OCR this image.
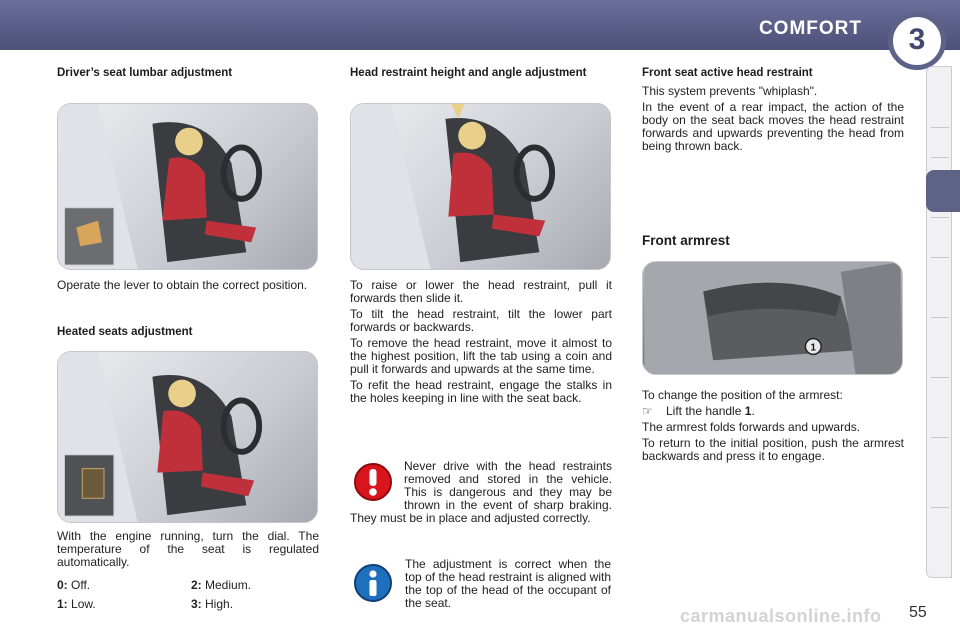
COMFORT	3
Driver’s seat lumbar adjustment

Operate the lever to obtain the correct position.

Heated seats adjustment

With the engine running, turn the dial. The temperature of the seat is regulated automatically.

0: Off.	2: Medium.
1: Low.	3: High.
Head restraint height and angle adjustment

To raise or lower the head restraint, pull it forwards then slide it.

To tilt the head restraint, tilt the lower part forwards or backwards.

To remove the head restraint, move it almost to the highest position, lift the tab using a coin and pull it forwards and upwards at the same time.

To refit the head restraint, engage the stalks in the holes keeping in line with the seat back.

Never drive with the head restraints removed and stored in the vehicle. This is dangerous and they may be thrown in the event of sharp braking. They must be in place and adjusted correctly.
The adjustment is correct when the top of the head restraint is aligned with the top of the head of the occupant of the seat.
Front seat active head restraint

This system prevents "whiplash".

In the event of a rear impact, the action of the body on the seat back moves the head restraint forwards and upwards preventing the head from being thrown back.

Front armrest
1

To change the position of the armrest:

☞ Lift the handle 1.

The armrest folds forwards and upwards.

To return to the initial position, push the armrest backwards and press it to engage.

carmanualsonline.info 55
